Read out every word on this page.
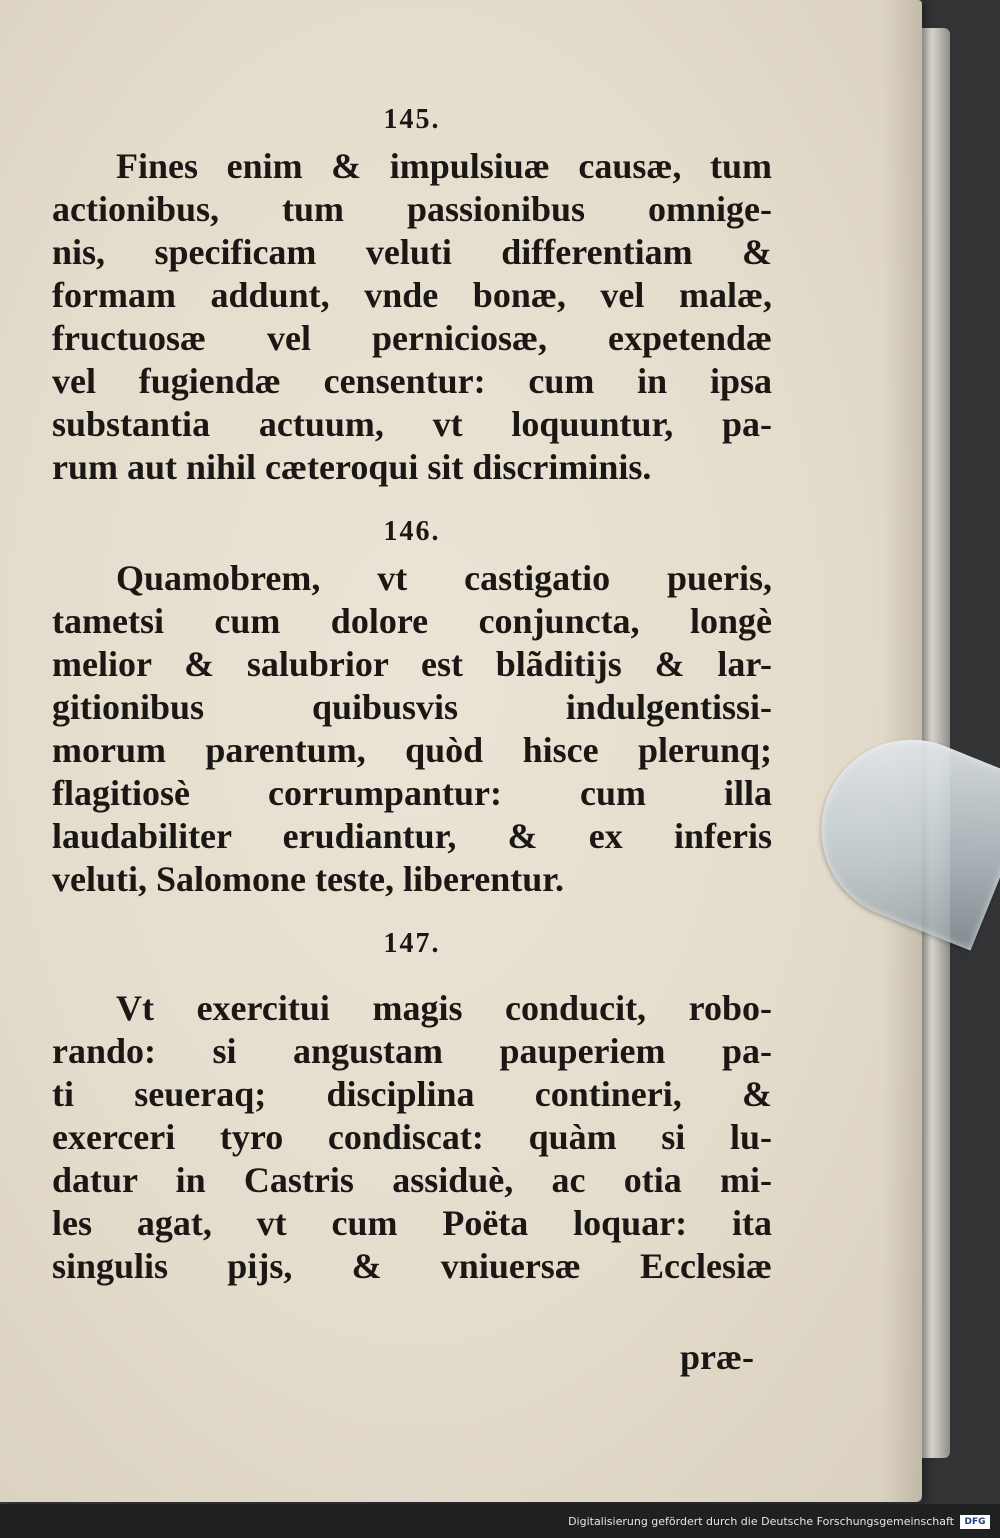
145.

Fines enim & impulsiuæ causæ, tum

actionibus, tum passionibus omnige-

nis, specificam veluti differentiam &

formam addunt, vnde bonæ, vel malæ,

fructuosæ vel perniciosæ, expetendæ

vel fugiendæ censentur: cum in ipsa

substantia actuum, vt loquuntur, pa-

rum aut nihil cæteroqui sit discriminis.

146.

Quamobrem, vt castigatio pueris,

tametsi cum dolore conjuncta, longè

melior & salubrior est blãditijs & lar-

gitionibus quibusvis indulgentissi-

morum parentum, quòd hisce plerunq;

flagitiosè corrumpantur: cum illa

laudabiliter erudiantur, & ex inferis

veluti, Salomone teste, liberentur.

147.

Vt exercitui magis conducit, robo-

rando: si angustam pauperiem pa-

ti seueraq; disciplina contineri, &

exerceri tyro condiscat: quàm si lu-

datur in Castris assiduè, ac otia mi-

les agat, vt cum Poëta loquar: ita

singulis pijs, & vniuersæ Ecclesiæ

præ-
Digitalisierung gefördert durch die Deutsche Forschungsgemeinschaft	DFG
